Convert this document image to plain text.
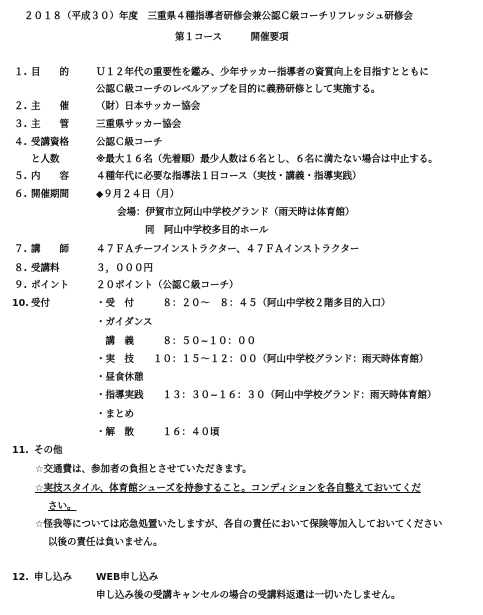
２０１８（平成３０）年度　三重県４種指導者研修会兼公認Ｃ級コーチリフレッシュ研修会
第１コース　　　開催要項
１. 目　　的	Ｕ１２年代の重要性を鑑み、少年サッカー指導者の資質向上を目指すとともに
公認Ｃ級コーチのレベルアップを目的に義務研修として実施する。
２. 主　　催	（財）日本サッカー協会
３. 主　　管	三重県サッカー協会
４. 受講資格	公認Ｃ級コーチ
と人数	※最大１６名（先着順）最少人数は６名とし、６名に満たない場合は中止する。
５. 内　　容	４種年代に必要な指導法１日コース（実技・講義・指導実践）
６. 開催期間	◆９月２４日（月）
会場：伊賀市立阿山中学校グランド（雨天時は体育館）
同　阿山中学校多目的ホール
７. 講　　師	４７ＦＡチーフインストラクター、４７ＦＡインストラクター
８. 受講料	３，０００円
９. ポイント	２０ポイント（公認Ｃ級コーチ）
10. 受付	・受　付　　　８：２０～　８：４５（阿山中学校２階多目的入口）
・ガイダンス
　講　義　　　８：５０~１０：００
・実　技　　１０：１５～１２：００（阿山中学校グランド：雨天時体育館）
・昼食休憩
・指導実践　　１３：３０~１６：３０（阿山中学校グランド：雨天時体育館）
・まとめ
・解　散　　　１６：４０頃
11. その他
☆交通費は、参加者の負担とさせていただきます。
☆実技スタイル、体育館シューズを持参すること。コンディションを各自整えておいてくだ
さい。
☆怪我等については応急処置いたしますが、各自の責任において保険等加入しておいてください
以後の責任は負いません。
12. 申し込み	WEB申し込み
申し込み後の受講キャンセルの場合の受講料返還は一切いたしません。
